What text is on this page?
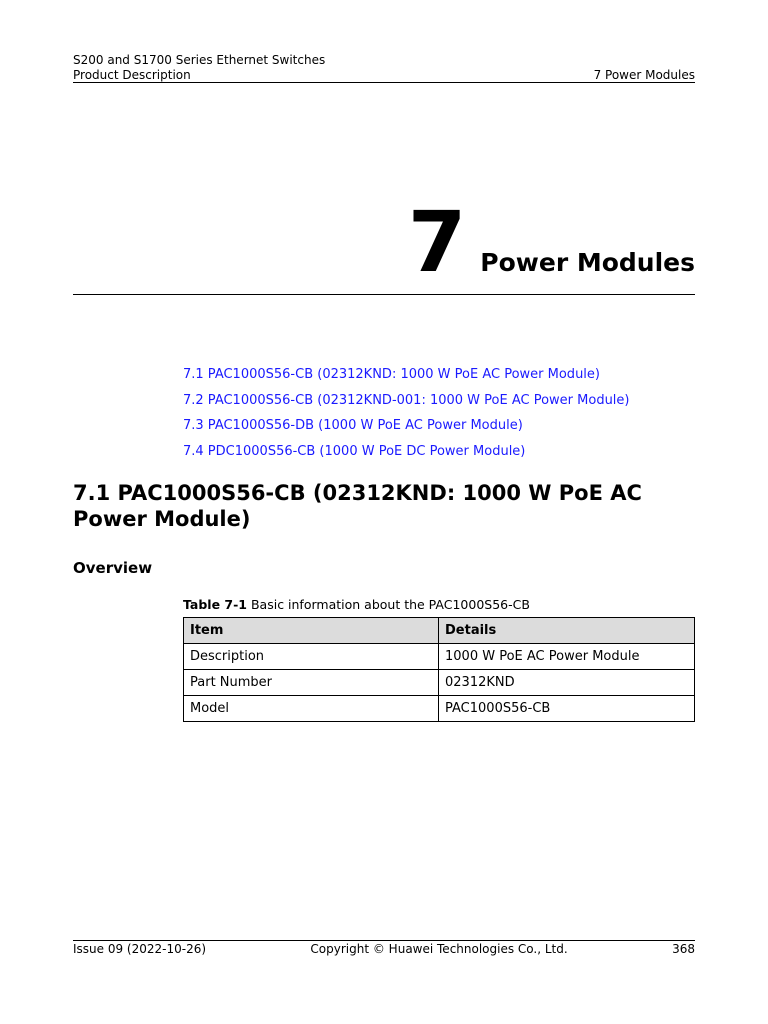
S200 and S1700 Series Ethernet Switches
Product Description	7 Power Modules
7 Power Modules
7.1 PAC1000S56-CB (02312KND: 1000 W PoE AC Power Module)
7.2 PAC1000S56-CB (02312KND-001: 1000 W PoE AC Power Module)
7.3 PAC1000S56-DB (1000 W PoE AC Power Module)
7.4 PDC1000S56-CB (1000 W PoE DC Power Module)
7.1 PAC1000S56-CB (02312KND: 1000 W PoE AC Power Module)
Overview
Table 7-1 Basic information about the PAC1000S56-CB
Item	Details
Description	1000 W PoE AC Power Module
Part Number	02312KND
Model	PAC1000S56-CB
Issue 09 (2022-10-26)	Copyright © Huawei Technologies Co., Ltd.	368
